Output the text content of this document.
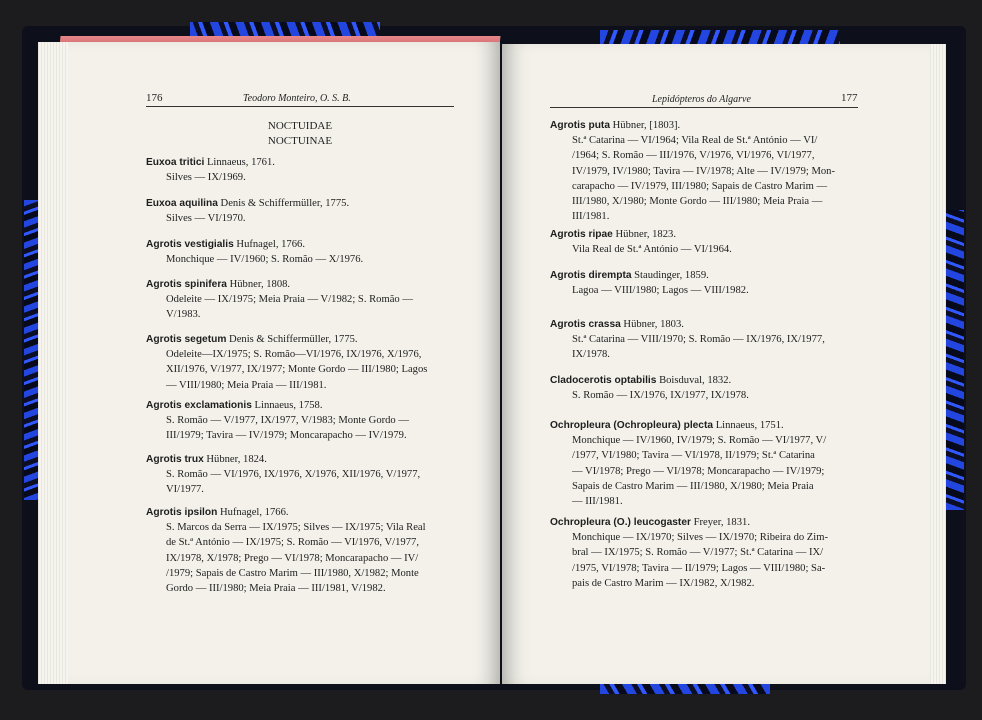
176	Teodoro Monteiro, O. S. B.
NOCTUIDAE
NOCTUINAE
Euxoa tritici Linnaeus, 1761.
Silves — IX/1969.
Euxoa aquilina Denis & Schiffermüller, 1775.
Silves — VI/1970.
Agrotis vestigialis Hufnagel, 1766.
Monchique — IV/1960; S. Romão — X/1976.
Agrotis spinifera Hübner, 1808.
Odeleite — IX/1975; Meia Praia — V/1982; S. Romão —
V/1983.
Agrotis segetum Denis & Schiffermüller, 1775.
Odeleite—IX/1975; S. Romão—VI/1976, IX/1976, X/1976,
XII/1976, V/1977, IX/1977; Monte Gordo — III/1980; Lagos
— VIII/1980; Meia Praia — III/1981.
Agrotis exclamationis Linnaeus, 1758.
S. Romão — V/1977, IX/1977, V/1983; Monte Gordo —
III/1979; Tavira — IV/1979; Moncarapacho — IV/1979.
Agrotis trux Hübner, 1824.
S. Romão — VI/1976, IX/1976, X/1976, XII/1976, V/1977,
VI/1977.
Agrotis ipsilon Hufnagel, 1766.
S. Marcos da Serra — IX/1975; Silves — IX/1975; Vila Real
de St.ª António — IX/1975; S. Romão — VI/1976, V/1977,
IX/1978, X/1978; Prego — VI/1978; Moncarapacho — IV/
/1979; Sapais de Castro Marim — III/1980, X/1982; Monte
Gordo — III/1980; Meia Praia — III/1981, V/1982.
Lepidópteros do Algarve	177
Agrotis puta Hübner, [1803].
St.ª Catarina — VI/1964; Vila Real de St.ª António — VI/
/1964; S. Romão — III/1976, V/1976, VI/1976, VI/1977,
IV/1979, IV/1980; Tavira — IV/1978; Alte — IV/1979; Mon-
carapacho — IV/1979, III/1980; Sapais de Castro Marim —
III/1980, X/1980; Monte Gordo — III/1980; Meia Praia —
III/1981.
Agrotis ripae Hübner, 1823.
Vila Real de St.ª António — VI/1964.
Agrotis dirempta Staudinger, 1859.
Lagoa — VIII/1980; Lagos — VIII/1982.
Agrotis crassa Hübner, 1803.
St.ª Catarina — VIII/1970; S. Romão — IX/1976, IX/1977,
IX/1978.
Cladocerotis optabilis Boisduval, 1832.
S. Romão — IX/1976, IX/1977, IX/1978.
Ochropleura (Ochropleura) plecta Linnaeus, 1751.
Monchique — IV/1960, IV/1979; S. Romão — VI/1977, V/
/1977, VI/1980; Tavira — VI/1978, II/1979; St.ª Catarina
— VI/1978; Prego — VI/1978; Moncarapacho — IV/1979;
Sapais de Castro Marim — III/1980, X/1980; Meia Praia
— III/1981.
Ochropleura (O.) leucogaster Freyer, 1831.
Monchique — IX/1970; Silves — IX/1970; Ribeira do Zim-
bral — IX/1975; S. Romão — V/1977; St.ª Catarina — IX/
/1975, VI/1978; Tavira — II/1979; Lagos — VIII/1980; Sa-
pais de Castro Marim — IX/1982, X/1982.
